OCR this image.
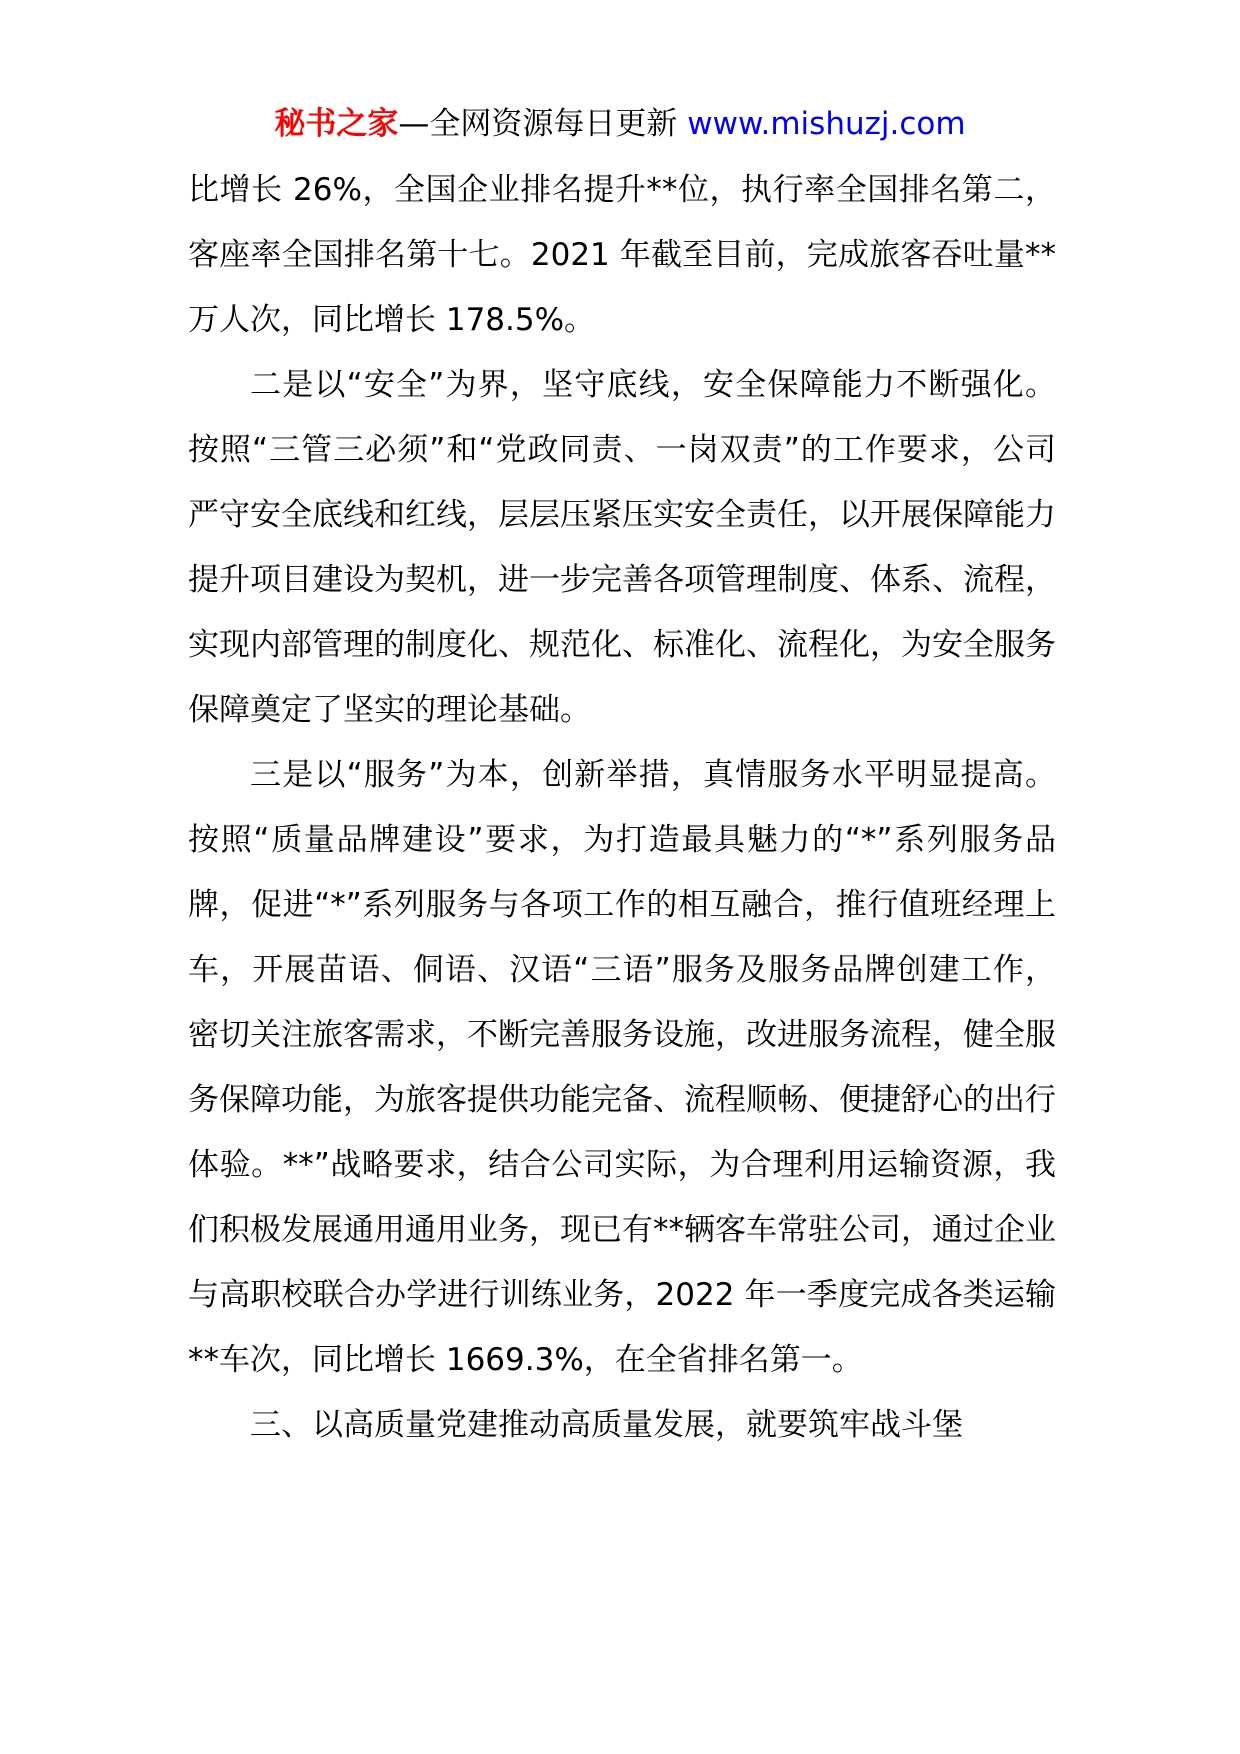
秘书之家—全网资源每日更新 www.mishuzj.com

比增长 26%，全国企业排名提升**位，执行率全国排名第二，客座率全国排名第十七。2021 年截至目前，完成旅客吞吐量**万人次，同比增长 178.5%。

二是以“安全”为界，坚守底线，安全保障能力不断强化。按照“三管三必须”和“党政同责、一岗双责”的工作要求，公司严守安全底线和红线，层层压紧压实安全责任，以开展保障能力提升项目建设为契机，进一步完善各项管理制度、体系、流程，实现内部管理的制度化、规范化、标准化、流程化，为安全服务保障奠定了坚实的理论基础。

三是以“服务”为本，创新举措，真情服务水平明显提高。按照“质量品牌建设”要求，为打造最具魅力的“*”系列服务品牌，促进“*”系列服务与各项工作的相互融合，推行值班经理上车，开展苗语、侗语、汉语“三语”服务及服务品牌创建工作，密切关注旅客需求，不断完善服务设施，改进服务流程，健全服务保障功能，为旅客提供功能完备、流程顺畅、便捷舒心的出行体验。**”战略要求，结合公司实际，为合理利用运输资源，我们积极发展通用通用业务，现已有**辆客车常驻公司，通过企业与高职校联合办学进行训练业务，2022 年一季度完成各类运输**车次，同比增长 1669.3%，在全省排名第一。

三、以高质量党建推动高质量发展，就要筑牢战斗堡
